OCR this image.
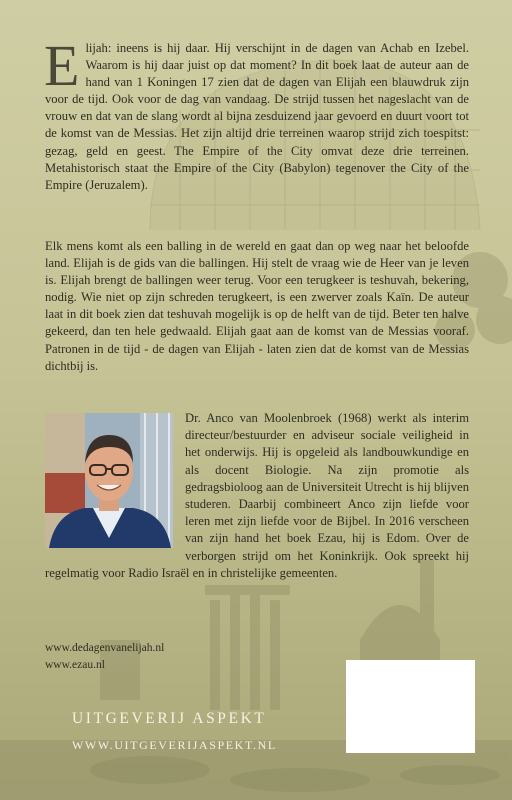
Elijah: ineens is hij daar. Hij verschijnt in de dagen van Achab en Izebel. Waarom is hij daar juist op dat moment? In dit boek laat de auteur aan de hand van 1 Koningen 17 zien dat de dagen van Elijah een blauwdruk zijn voor de tijd. Ook voor de dag van vandaag. De strijd tussen het nageslacht van de vrouw en dat van de slang wordt al bijna zesduizend jaar gevoerd en duurt voort tot de komst van de Messias. Het zijn altijd drie terreinen waarop strijd zich toespitst: gezag, geld en geest. The Empire of the City omvat deze drie terreinen. Metahistorisch staat the Empire of the City (Babylon) tegenover the City of the Empire (Jeruzalem).

Elk mens komt als een balling in de wereld en gaat dan op weg naar het beloofde land. Elijah is de gids van die ballingen. Hij stelt de vraag wie de Heer van je leven is. Elijah brengt de ballingen weer terug. Voor een terugkeer is teshuvah, bekering, nodig. Wie niet op zijn schreden terugkeert, is een zwerver zoals Kaïn. De auteur laat in dit boek zien dat teshuvah mogelijk is op de helft van de tijd. Beter ten halve gekeerd, dan ten hele gedwaald. Elijah gaat aan de komst van de Messias vooraf. Patronen in de tijd - de dagen van Elijah - laten zien dat de komst van de Messias dichtbij is.

Dr. Anco van Moolenbroek (1968) werkt als interim directeur/bestuurder en adviseur sociale veiligheid in het onderwijs. Hij is opgeleid als landbouwkundige en als docent Biologie. Na zijn promotie als gedragsbioloog aan de Universiteit Utrecht is hij blijven studeren. Daarbij combineert Anco zijn liefde voor leren met zijn liefde voor de Bijbel. In 2016 verscheen van zijn hand het boek Ezau, hij is Edom. Over de verborgen strijd om het Koninkrijk. Ook spreekt hij regelmatig voor Radio Israël en in christelijke gemeenten.
www.dedagenvanelijah.nl
www.ezau.nl
UITGEVERIJ ASPEKT
WWW.UITGEVERIJASPEKT.NL
